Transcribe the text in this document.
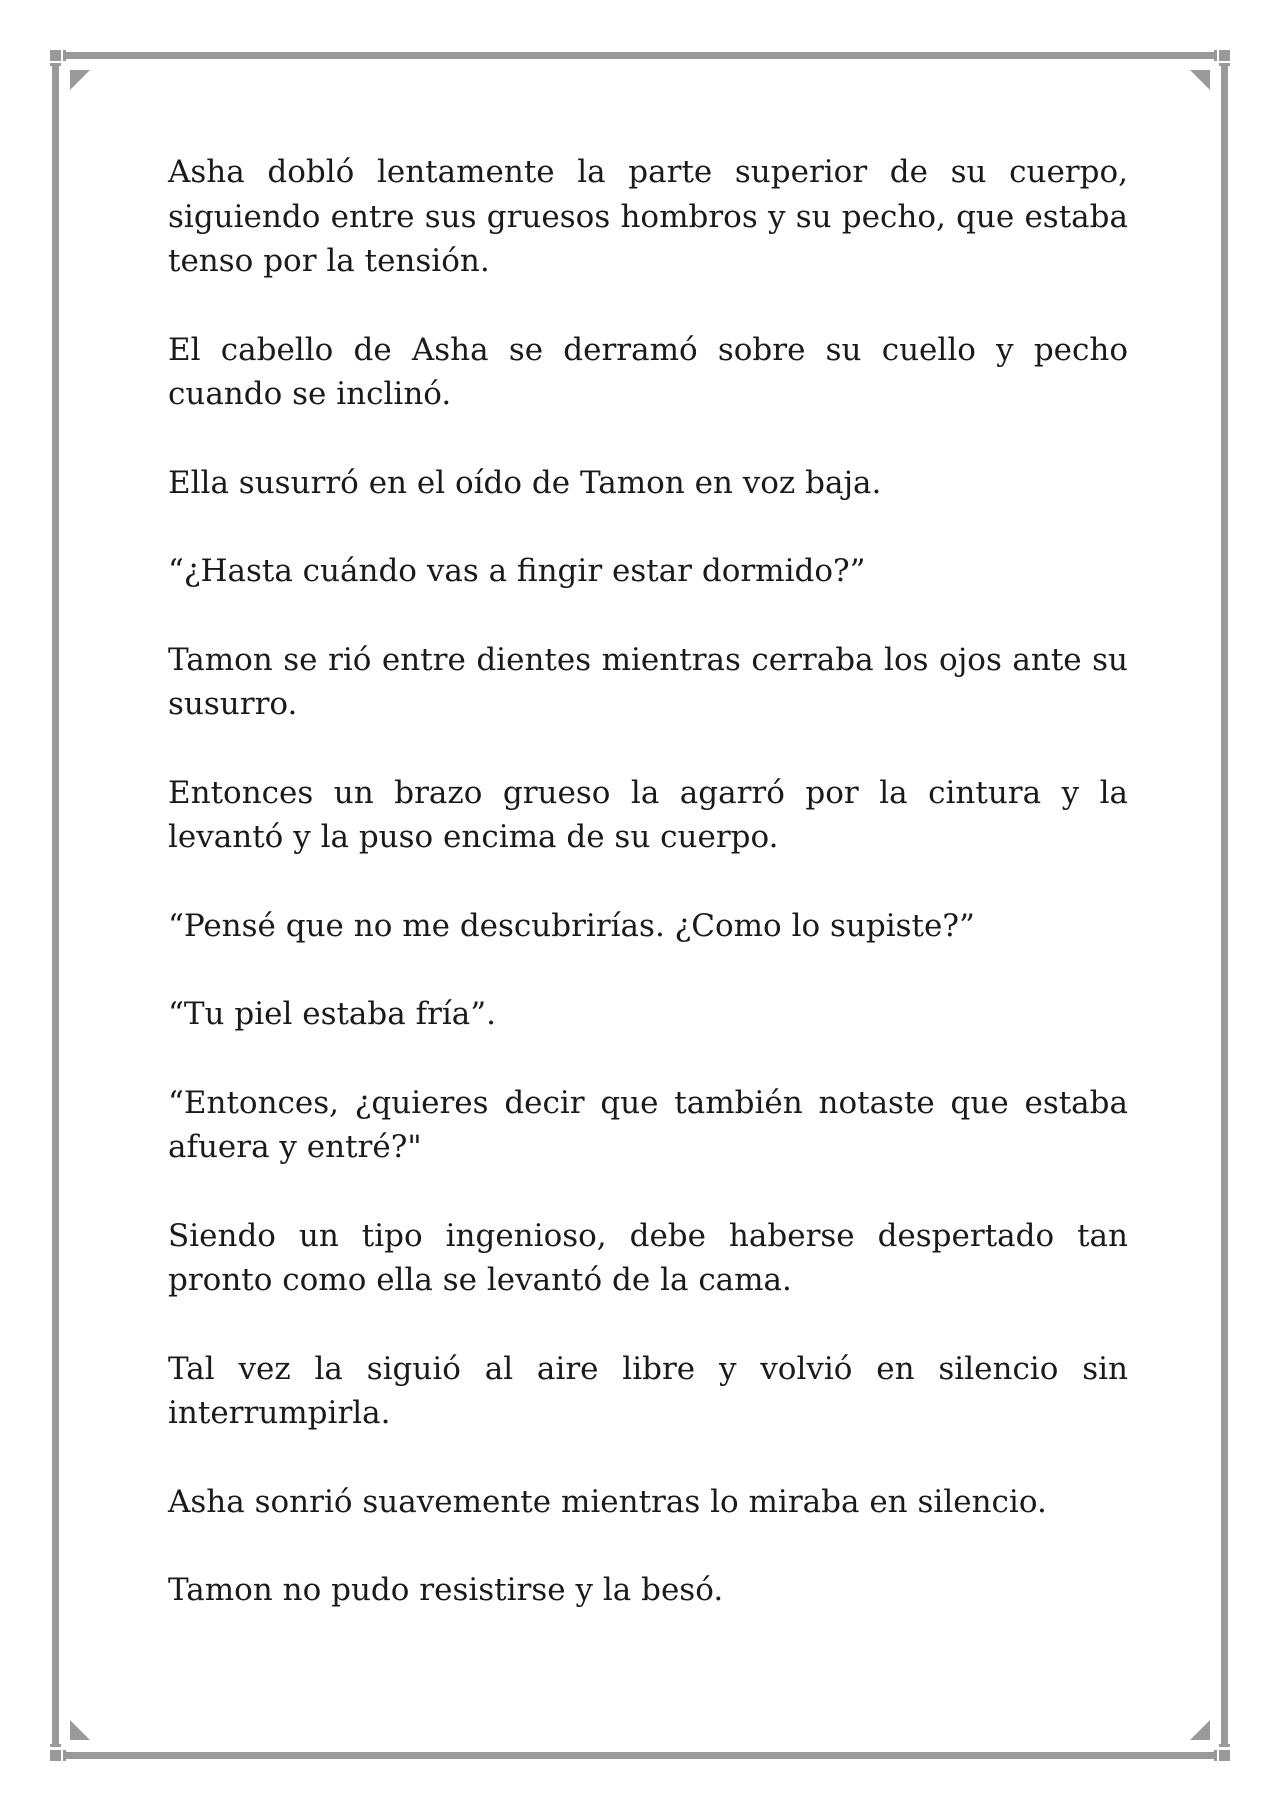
Asha dobló lentamente la parte superior de su cuerpo, siguiendo entre sus gruesos hombros y su pecho, que estaba tenso por la tensión.

El cabello de Asha se derramó sobre su cuello y pecho cuando se inclinó.

Ella susurró en el oído de Tamon en voz baja.

“¿Hasta cuándo vas a fingir estar dormido?”

Tamon se rió entre dientes mientras cerraba los ojos ante su susurro.

Entonces un brazo grueso la agarró por la cintura y la levantó y la puso encima de su cuerpo.

“Pensé que no me descubrirías. ¿Como lo supiste?”

“Tu piel estaba fría”.

“Entonces, ¿quieres decir que también notaste que estaba afuera y entré?"

Siendo un tipo ingenioso, debe haberse despertado tan pronto como ella se levantó de la cama.

Tal vez la siguió al aire libre y volvió en silencio sin interrumpirla.

Asha sonrió suavemente mientras lo miraba en silencio.

Tamon no pudo resistirse y la besó.
